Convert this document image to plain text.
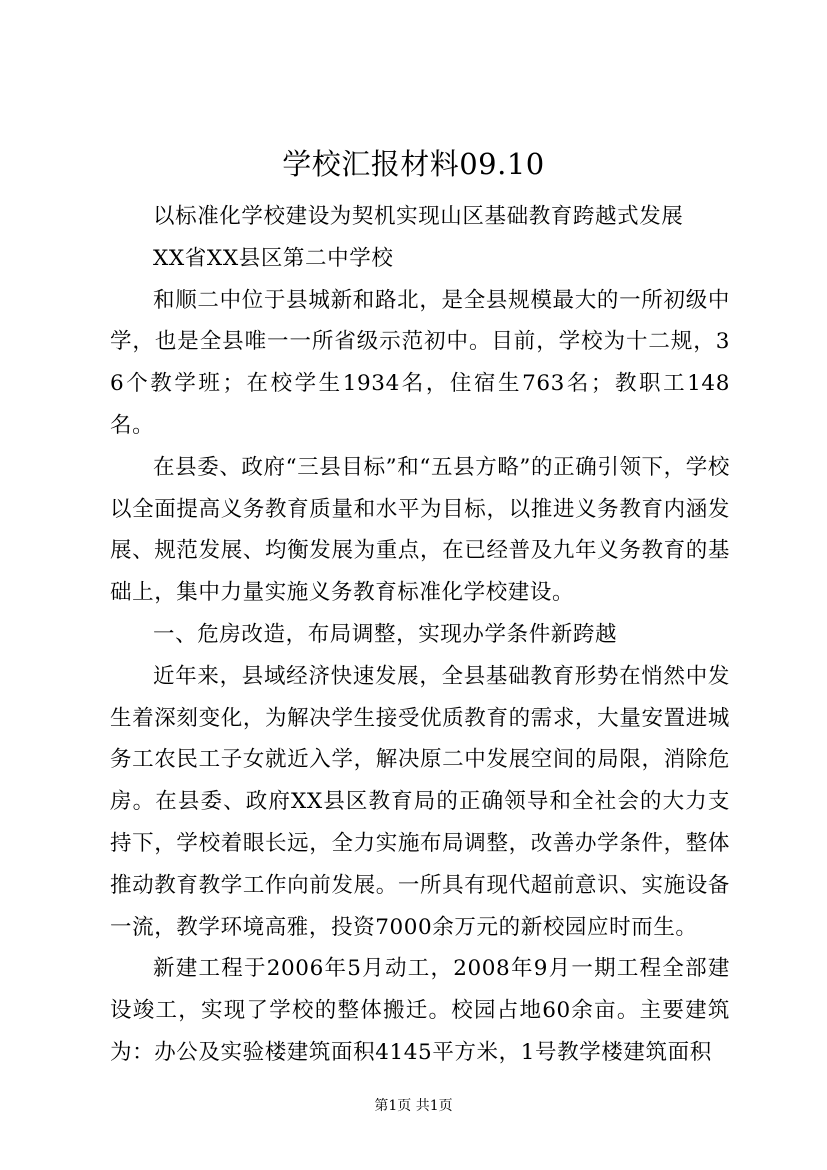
学校汇报材料09.10

以标准化学校建设为契机实现山区基础教育跨越式发展

XX省XX县区第二中学校

和顺二中位于县城新和路北，是全县规模最大的一所初级中学，也是全县唯一一所省级示范初中。目前，学校为十二规，36个教学班；在校学生1934名，住宿生763名；教职工148名。

在县委、政府“三县目标”和“五县方略”的正确引领下，学校以全面提高义务教育质量和水平为目标，以推进义务教育内涵发展、规范发展、均衡发展为重点，在已经普及九年义务教育的基础上，集中力量实施义务教育标准化学校建设。

一、危房改造，布局调整，实现办学条件新跨越

近年来，县域经济快速发展，全县基础教育形势在悄然中发生着深刻变化，为解决学生接受优质教育的需求，大量安置进城务工农民工子女就近入学，解决原二中发展空间的局限，消除危房。在县委、政府XX县区教育局的正确领导和全社会的大力支持下，学校着眼长远，全力实施布局调整，改善办学条件，整体推动教育教学工作向前发展。一所具有现代超前意识、实施设备一流，教学环境高雅，投资7000余万元的新校园应时而生。

新建工程于2006年5月动工，2008年9月一期工程全部建设竣工，实现了学校的整体搬迁。校园占地60余亩。主要建筑为：办公及实验楼建筑面积4145平方米，1号教学楼建筑面积

第1页 共1页
